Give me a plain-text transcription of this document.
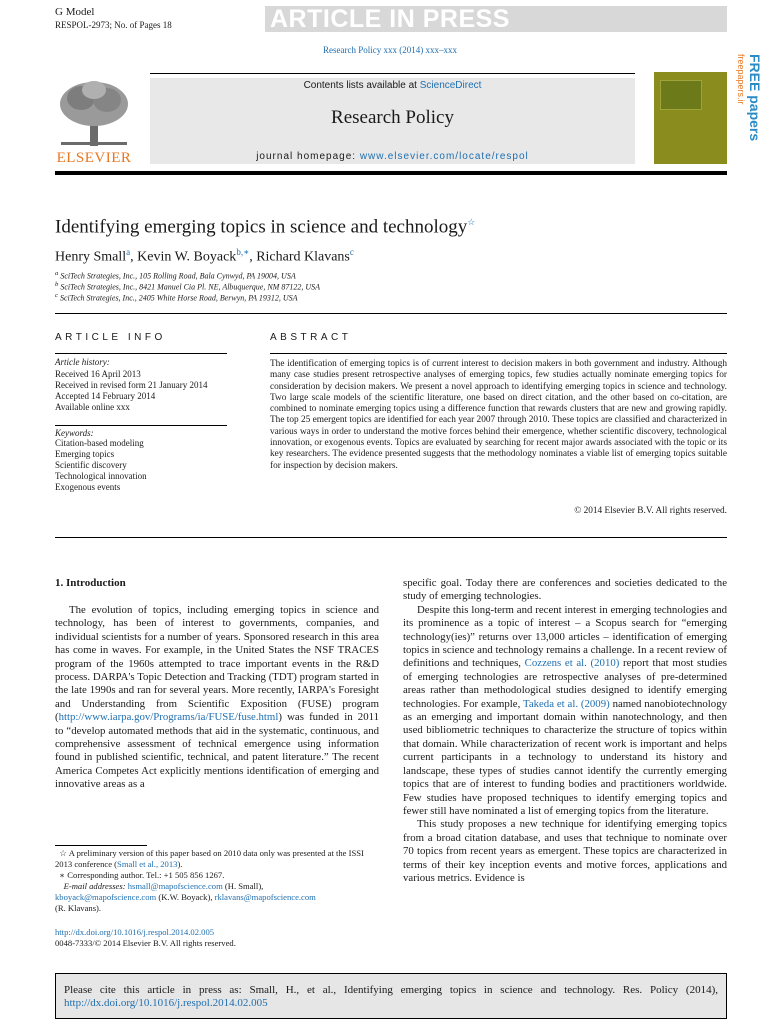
G Model
RESPOL-2973; No. of Pages 18	ARTICLE IN PRESS
Research Policy xxx (2014) xxx–xxx
Contents lists available at ScienceDirect
Research Policy
journal homepage: www.elsevier.com/locate/respol
ELSEVIER
FREE papers
freepapers.ir
Identifying emerging topics in science and technology☆
Henry Small$^a$, Kevin W. Boyack$^{b,∗}$, Richard Klavans$^c$
$^a$ SciTech Strategies, Inc., 105 Rolling Road, Bala Cynwyd, PA 19004, USA
$^b$ SciTech Strategies, Inc., 8421 Manuel Cia Pl. NE, Albuquerque, NM 87122, USA
$^c$ SciTech Strategies, Inc., 2405 White Horse Road, Berwyn, PA 19312, USA
ARTICLE INFO	ABSTRACT
Article history:
Received 16 April 2013
Received in revised form 21 January 2014
Accepted 14 February 2014
Available online xxx
Keywords:
Citation-based modeling
Emerging topics
Scientific discovery
Technological innovation
Exogenous events
The identification of emerging topics is of current interest to decision makers in both government and industry. Although many case studies present retrospective analyses of emerging topics, few studies actually nominate emerging topics for consideration by decision makers. We present a novel approach to identifying emerging topics in science and technology. Two large scale models of the scientific literature, one based on direct citation, and the other based on co-citation, are combined to nominate emerging topics using a difference function that rewards clusters that are new and growing rapidly. The top 25 emergent topics are identified for each year 2007 through 2010. These topics are classified and characterized in various ways in order to understand the motive forces behind their emergence, whether scientific discovery, technological innovation, or exogenous events. Topics are evaluated by searching for recent major awards associated with the topic or its key researchers. The evidence presented suggests that the methodology nominates a viable list of emerging topics suitable for inspection by decision makers.
© 2014 Elsevier B.V. All rights reserved.
1. Introduction

The evolution of topics, including emerging topics in science and technology, has been of interest to governments, companies, and individual scientists for a number of years. Sponsored research in this area has come in waves. For example, in the United States the NSF TRACES program of the 1960s attempted to trace important events in the R&D process. DARPA's Topic Detection and Tracking (TDT) program started in the late 1990s and ran for several years. More recently, IARPA's Foresight and Understanding from Scientific Exposition (FUSE) program (http://www.iarpa.gov/Programs/ia/FUSE/fuse.html) was funded in 2011 to “develop automated methods that aid in the systematic, continuous, and comprehensive assessment of technical emergence using information found in published scientific, technical, and patent literature.” The recent America Competes Act explicitly mentions identification of emerging and innovative areas as a

specific goal. Today there are conferences and societies dedicated to the study of emerging technologies.

Despite this long-term and recent interest in emerging technologies and its prominence as a topic of interest – a Scopus search for “emerging technology(ies)” returns over 13,000 articles – identification of emerging topics in science and technology remains a challenge. In a recent review of definitions and techniques, Cozzens et al. (2010) report that most studies of emerging technologies are retrospective analyses of pre-determined areas rather than methodological studies designed to identify emerging technologies. For example, Takeda et al. (2009) named nanobiotechnology as an emerging and important domain within nanotechnology, and then used bibliometric techniques to characterize the structure of topics within that domain. While characterization of recent work is important and helps current participants in a technology to understand its history and landscape, these types of studies cannot identify the currently emerging topics that are of interest to funding bodies and practitioners worldwide. Few studies have proposed techniques to identify emerging topics and fewer still have nominated a list of emerging topics from the literature.

This study proposes a new technique for identifying emerging topics from a broad citation database, and uses that technique to nominate over 70 topics from recent years as emergent. These topics are characterized in terms of their key inception events and motive forces, applications and various metrics. Evidence is

☆ A preliminary version of this paper based on 2010 data only was presented at the ISSI 2013 conference (Small et al., 2013).
∗ Corresponding author. Tel.: +1 505 856 1267.
E-mail addresses: hsmall@mapofscience.com (H. Small),
kboyack@mapofscience.com (K.W. Boyack), rklavans@mapofscience.com
(R. Klavans).
http://dx.doi.org/10.1016/j.respol.2014.02.005
0048-7333/© 2014 Elsevier B.V. All rights reserved.
Please cite this article in press as: Small, H., et al., Identifying emerging topics in science and technology. Res. Policy (2014), http://dx.doi.org/10.1016/j.respol.2014.02.005
